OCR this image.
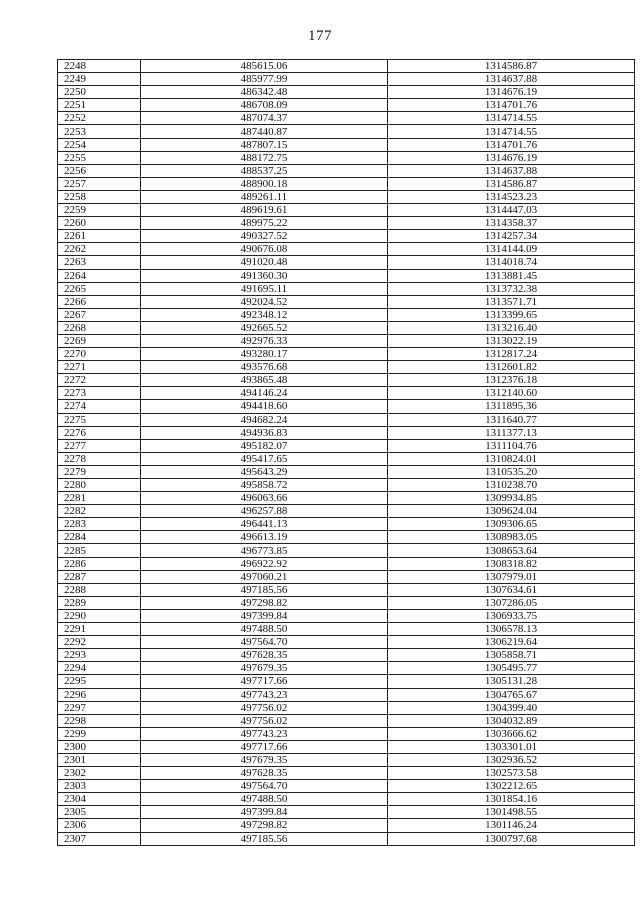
177
2248	485615.06	1314586.87
2249	485977.99	1314637.88
2250	486342.48	1314676.19
2251	486708.09	1314701.76
2252	487074.37	1314714.55
2253	487440.87	1314714.55
2254	487807.15	1314701.76
2255	488172.75	1314676.19
2256	488537.25	1314637.88
2257	488900.18	1314586.87
2258	489261.11	1314523.23
2259	489619.61	1314447.03
2260	489975.22	1314358.37
2261	490327.52	1314257.34
2262	490676.08	1314144.09
2263	491020.48	1314018.74
2264	491360.30	1313881.45
2265	491695.11	1313732.38
2266	492024.52	1313571.71
2267	492348.12	1313399.65
2268	492665.52	1313216.40
2269	492976.33	1313022.19
2270	493280.17	1312817.24
2271	493576.68	1312601.82
2272	493865.48	1312376.18
2273	494146.24	1312140.60
2274	494418.60	1311895.36
2275	494682.24	1311640.77
2276	494936.83	1311377.13
2277	495182.07	1311104.76
2278	495417.65	1310824.01
2279	495643.29	1310535.20
2280	495858.72	1310238.70
2281	496063.66	1309934.85
2282	496257.88	1309624.04
2283	496441.13	1309306.65
2284	496613.19	1308983.05
2285	496773.85	1308653.64
2286	496922.92	1308318.82
2287	497060.21	1307979.01
2288	497185.56	1307634.61
2289	497298.82	1307286.05
2290	497399.84	1306933.75
2291	497488.50	1306578.13
2292	497564.70	1306219.64
2293	497628.35	1305858.71
2294	497679.35	1305495.77
2295	497717.66	1305131.28
2296	497743.23	1304765.67
2297	497756.02	1304399.40
2298	497756.02	1304032.89
2299	497743.23	1303666.62
2300	497717.66	1303301.01
2301	497679.35	1302936.52
2302	497628.35	1302573.58
2303	497564.70	1302212.65
2304	497488.50	1301854.16
2305	497399.84	1301498.55
2306	497298.82	1301146.24
2307	497185.56	1300797.68
